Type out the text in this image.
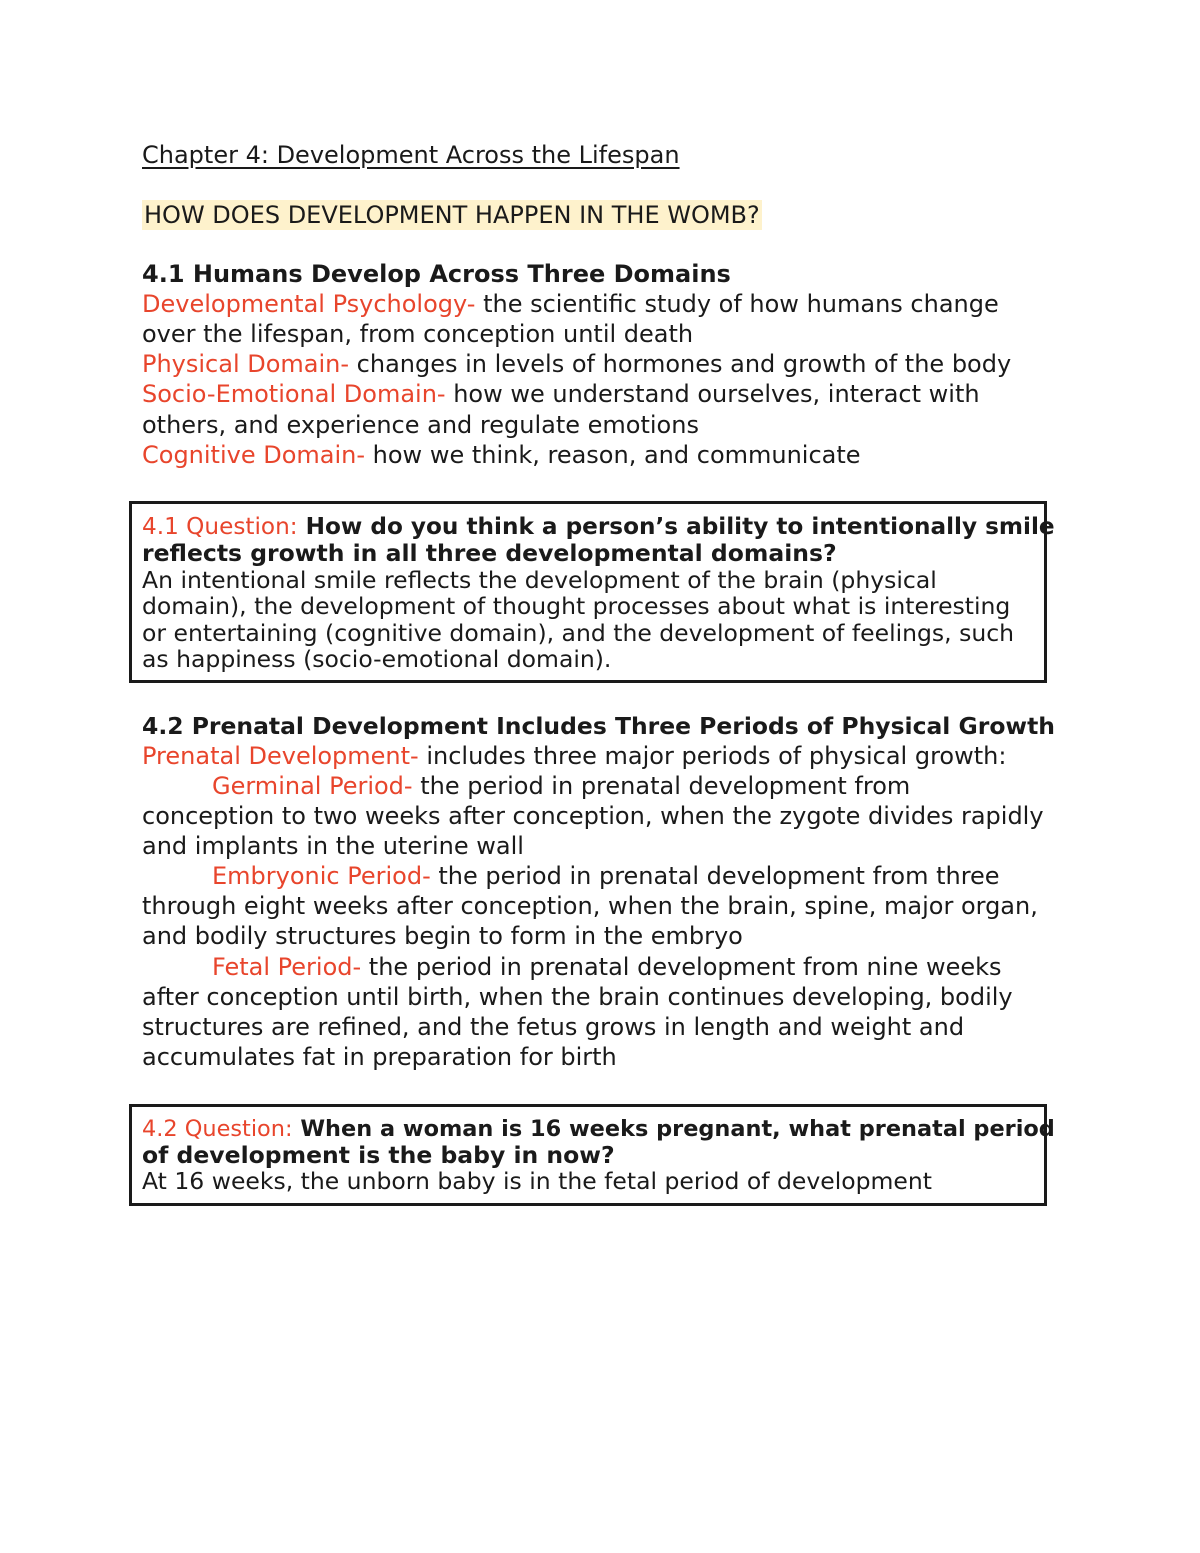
Chapter 4: Development Across the Lifespan
HOW DOES DEVELOPMENT HAPPEN IN THE WOMB?
4.1 Humans Develop Across Three Domains
Developmental Psychology- the scientific study of how humans change
over the lifespan, from conception until death
Physical Domain- changes in levels of hormones and growth of the body
Socio-Emotional Domain- how we understand ourselves, interact with
others, and experience and regulate emotions
Cognitive Domain- how we think, reason, and communicate
4.1 Question: How do you think a person’s ability to intentionally smile
reflects growth in all three developmental domains?
An intentional smile reflects the development of the brain (physical
domain), the development of thought processes about what is interesting
or entertaining (cognitive domain), and the development of feelings, such
as happiness (socio-emotional domain).
4.2 Prenatal Development Includes Three Periods of Physical Growth
Prenatal Development- includes three major periods of physical growth:
Germinal Period- the period in prenatal development from
conception to two weeks after conception, when the zygote divides rapidly
and implants in the uterine wall
Embryonic Period- the period in prenatal development from three
through eight weeks after conception, when the brain, spine, major organ,
and bodily structures begin to form in the embryo
Fetal Period- the period in prenatal development from nine weeks
after conception until birth, when the brain continues developing, bodily
structures are refined, and the fetus grows in length and weight and
accumulates fat in preparation for birth
4.2 Question: When a woman is 16 weeks pregnant, what prenatal period
of development is the baby in now?
At 16 weeks, the unborn baby is in the fetal period of development
